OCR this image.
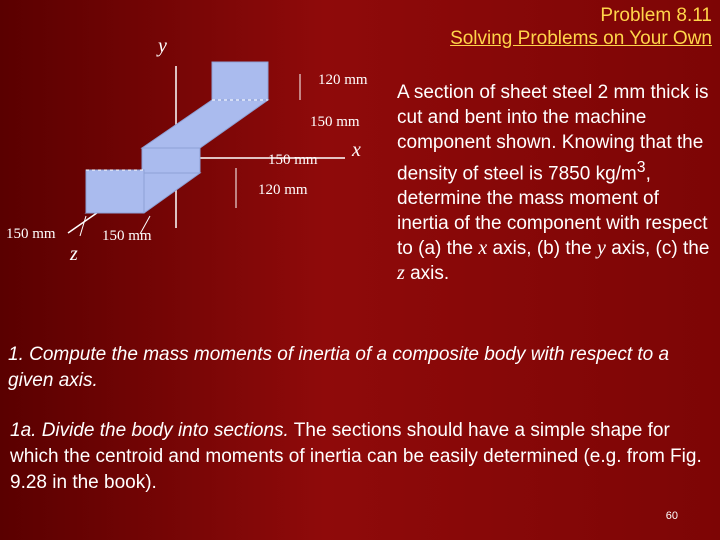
Problem 8.11
Solving Problems on Your Own
y
x
z
120 mm
150 mm
150 mm
120 mm
150 mm	150 mm
A section of sheet steel 2 mm thick is cut and bent into the machine component shown. Knowing that the density of steel is 7850 $kg/m^3$, determine the mass moment of inertia of the component with respect to (a) the x axis, (b) the y axis, (c) the z axis.
1. Compute the mass moments of inertia of a composite body with respect to a given axis.
1a. Divide the body into sections. The sections should have a simple shape for which the centroid and moments of inertia can be easily determined (e.g. from Fig. 9.28 in the book).
60
